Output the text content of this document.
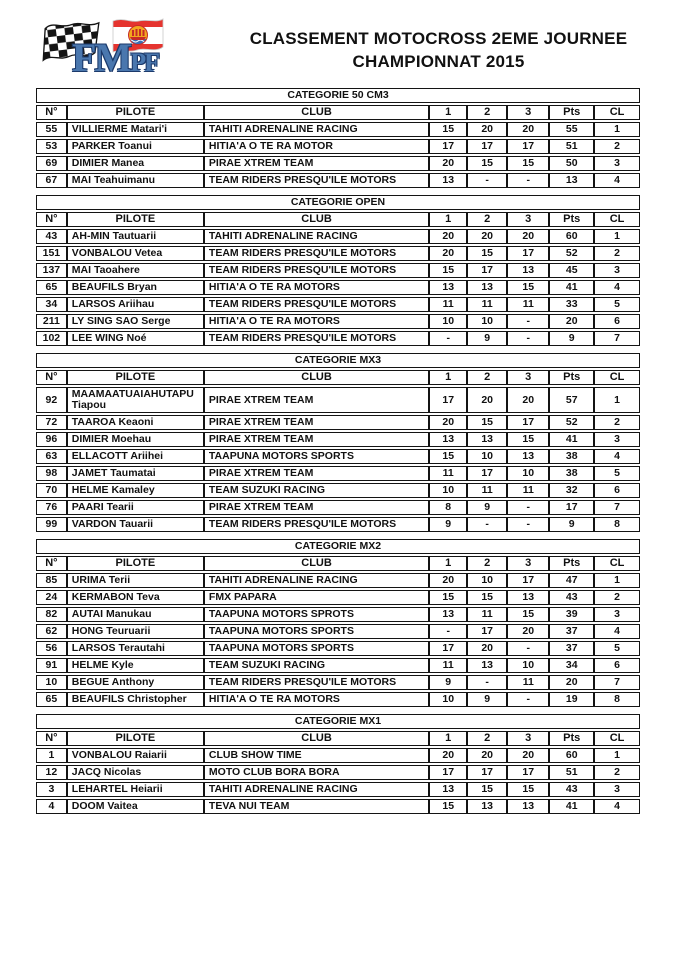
FMPF
CLASSEMENT MOTOCROSS 2EME JOURNEE
CHAMPIONNAT 2015
CATEGORIE 50 CM3							
N°	PILOTE	CLUB	1	2	3	Pts	CL
55	VILLIERME Matari'i	TAHITI ADRENALINE RACING	15	20	20	55	1
53	PARKER Toanui	HITIA'A O TE RA MOTOR	17	17	17	51	2
69	DIMIER Manea	PIRAE XTREM TEAM	20	15	15	50	3
67	MAI Teahuimanu	TEAM RIDERS PRESQU'ILE MOTORS	13	-	-	13	4
CATEGORIE OPEN							
N°	PILOTE	CLUB	1	2	3	Pts	CL
43	AH-MIN Tautuarii	TAHITI ADRENALINE RACING	20	20	20	60	1
151	VONBALOU Vetea	TEAM RIDERS PRESQU'ILE MOTORS	20	15	17	52	2
137	MAI Taoahere	TEAM RIDERS PRESQU'ILE MOTORS	15	17	13	45	3
65	BEAUFILS Bryan	HITIA'A O TE RA MOTORS	13	13	15	41	4
34	LARSOS Ariihau	TEAM RIDERS PRESQU'ILE MOTORS	11	11	11	33	5
211	LY SING SAO Serge	HITIA'A O TE RA MOTORS	10	10	-	20	6
102	LEE WING Noé	TEAM RIDERS PRESQU'ILE MOTORS	-	9	-	9	7
CATEGORIE MX3							
N°	PILOTE	CLUB	1	2	3	Pts	CL
92	MAAMAATUAIAHUTAPU Tiapou	PIRAE XTREM TEAM	17	20	20	57	1
72	TAAROA Keaoni	PIRAE XTREM TEAM	20	15	17	52	2
96	DIMIER Moehau	PIRAE XTREM TEAM	13	13	15	41	3
63	ELLACOTT Ariihei	TAAPUNA MOTORS SPORTS	15	10	13	38	4
98	JAMET Taumatai	PIRAE XTREM TEAM	11	17	10	38	5
70	HELME Kamaley	TEAM SUZUKI RACING	10	11	11	32	6
76	PAARI Tearii	PIRAE XTREM TEAM	8	9	-	17	7
99	VARDON Tauarii	TEAM RIDERS PRESQU'ILE MOTORS	9	-	-	9	8
CATEGORIE MX2							
N°	PILOTE	CLUB	1	2	3	Pts	CL
85	URIMA Terii	TAHITI ADRENALINE RACING	20	10	17	47	1
24	KERMABON Teva	FMX PAPARA	15	15	13	43	2
82	AUTAI Manukau	TAAPUNA MOTORS SPROTS	13	11	15	39	3
62	HONG Teuruarii	TAAPUNA MOTORS SPORTS	-	17	20	37	4
56	LARSOS Terautahi	TAAPUNA MOTORS SPORTS	17	20	-	37	5
91	HELME Kyle	TEAM SUZUKI RACING	11	13	10	34	6
10	BEGUE Anthony	TEAM RIDERS PRESQU'ILE MOTORS	9	-	11	20	7
65	BEAUFILS Christopher	HITIA'A O TE RA MOTORS	10	9	-	19	8
CATEGORIE MX1							
N°	PILOTE	CLUB	1	2	3	Pts	CL
1	VONBALOU Raiarii	CLUB SHOW TIME	20	20	20	60	1
12	JACQ Nicolas	MOTO CLUB BORA BORA	17	17	17	51	2
3	LEHARTEL Heiarii	TAHITI ADRENALINE RACING	13	15	15	43	3
4	DOOM Vaitea	TEVA NUI TEAM	15	13	13	41	4
